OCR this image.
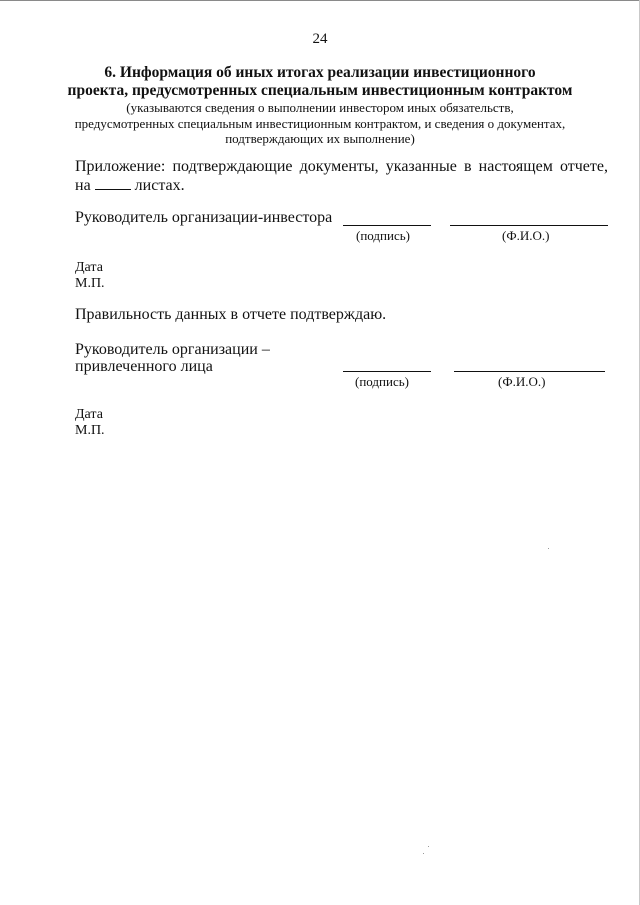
24
6. Информация об иных итогах реализации инвестиционного
проекта, предусмотренных специальным инвестиционным контрактом
(указываются сведения о выполнении инвестором иных обязательств,
предусмотренных специальным инвестиционным контрактом, и сведения о документах,
подтверждающих их выполнение)
Приложение: подтверждающие документы, указанные в настоящем отчете,
на	листах.
Руководитель организации-инвестора
(подпись)	(Ф.И.О.)
Дата
М.П.
Правильность данных в отчете подтверждаю.
Руководитель организации –
привлеченного лица
(подпись)	(Ф.И.О.)
Дата
М.П.
